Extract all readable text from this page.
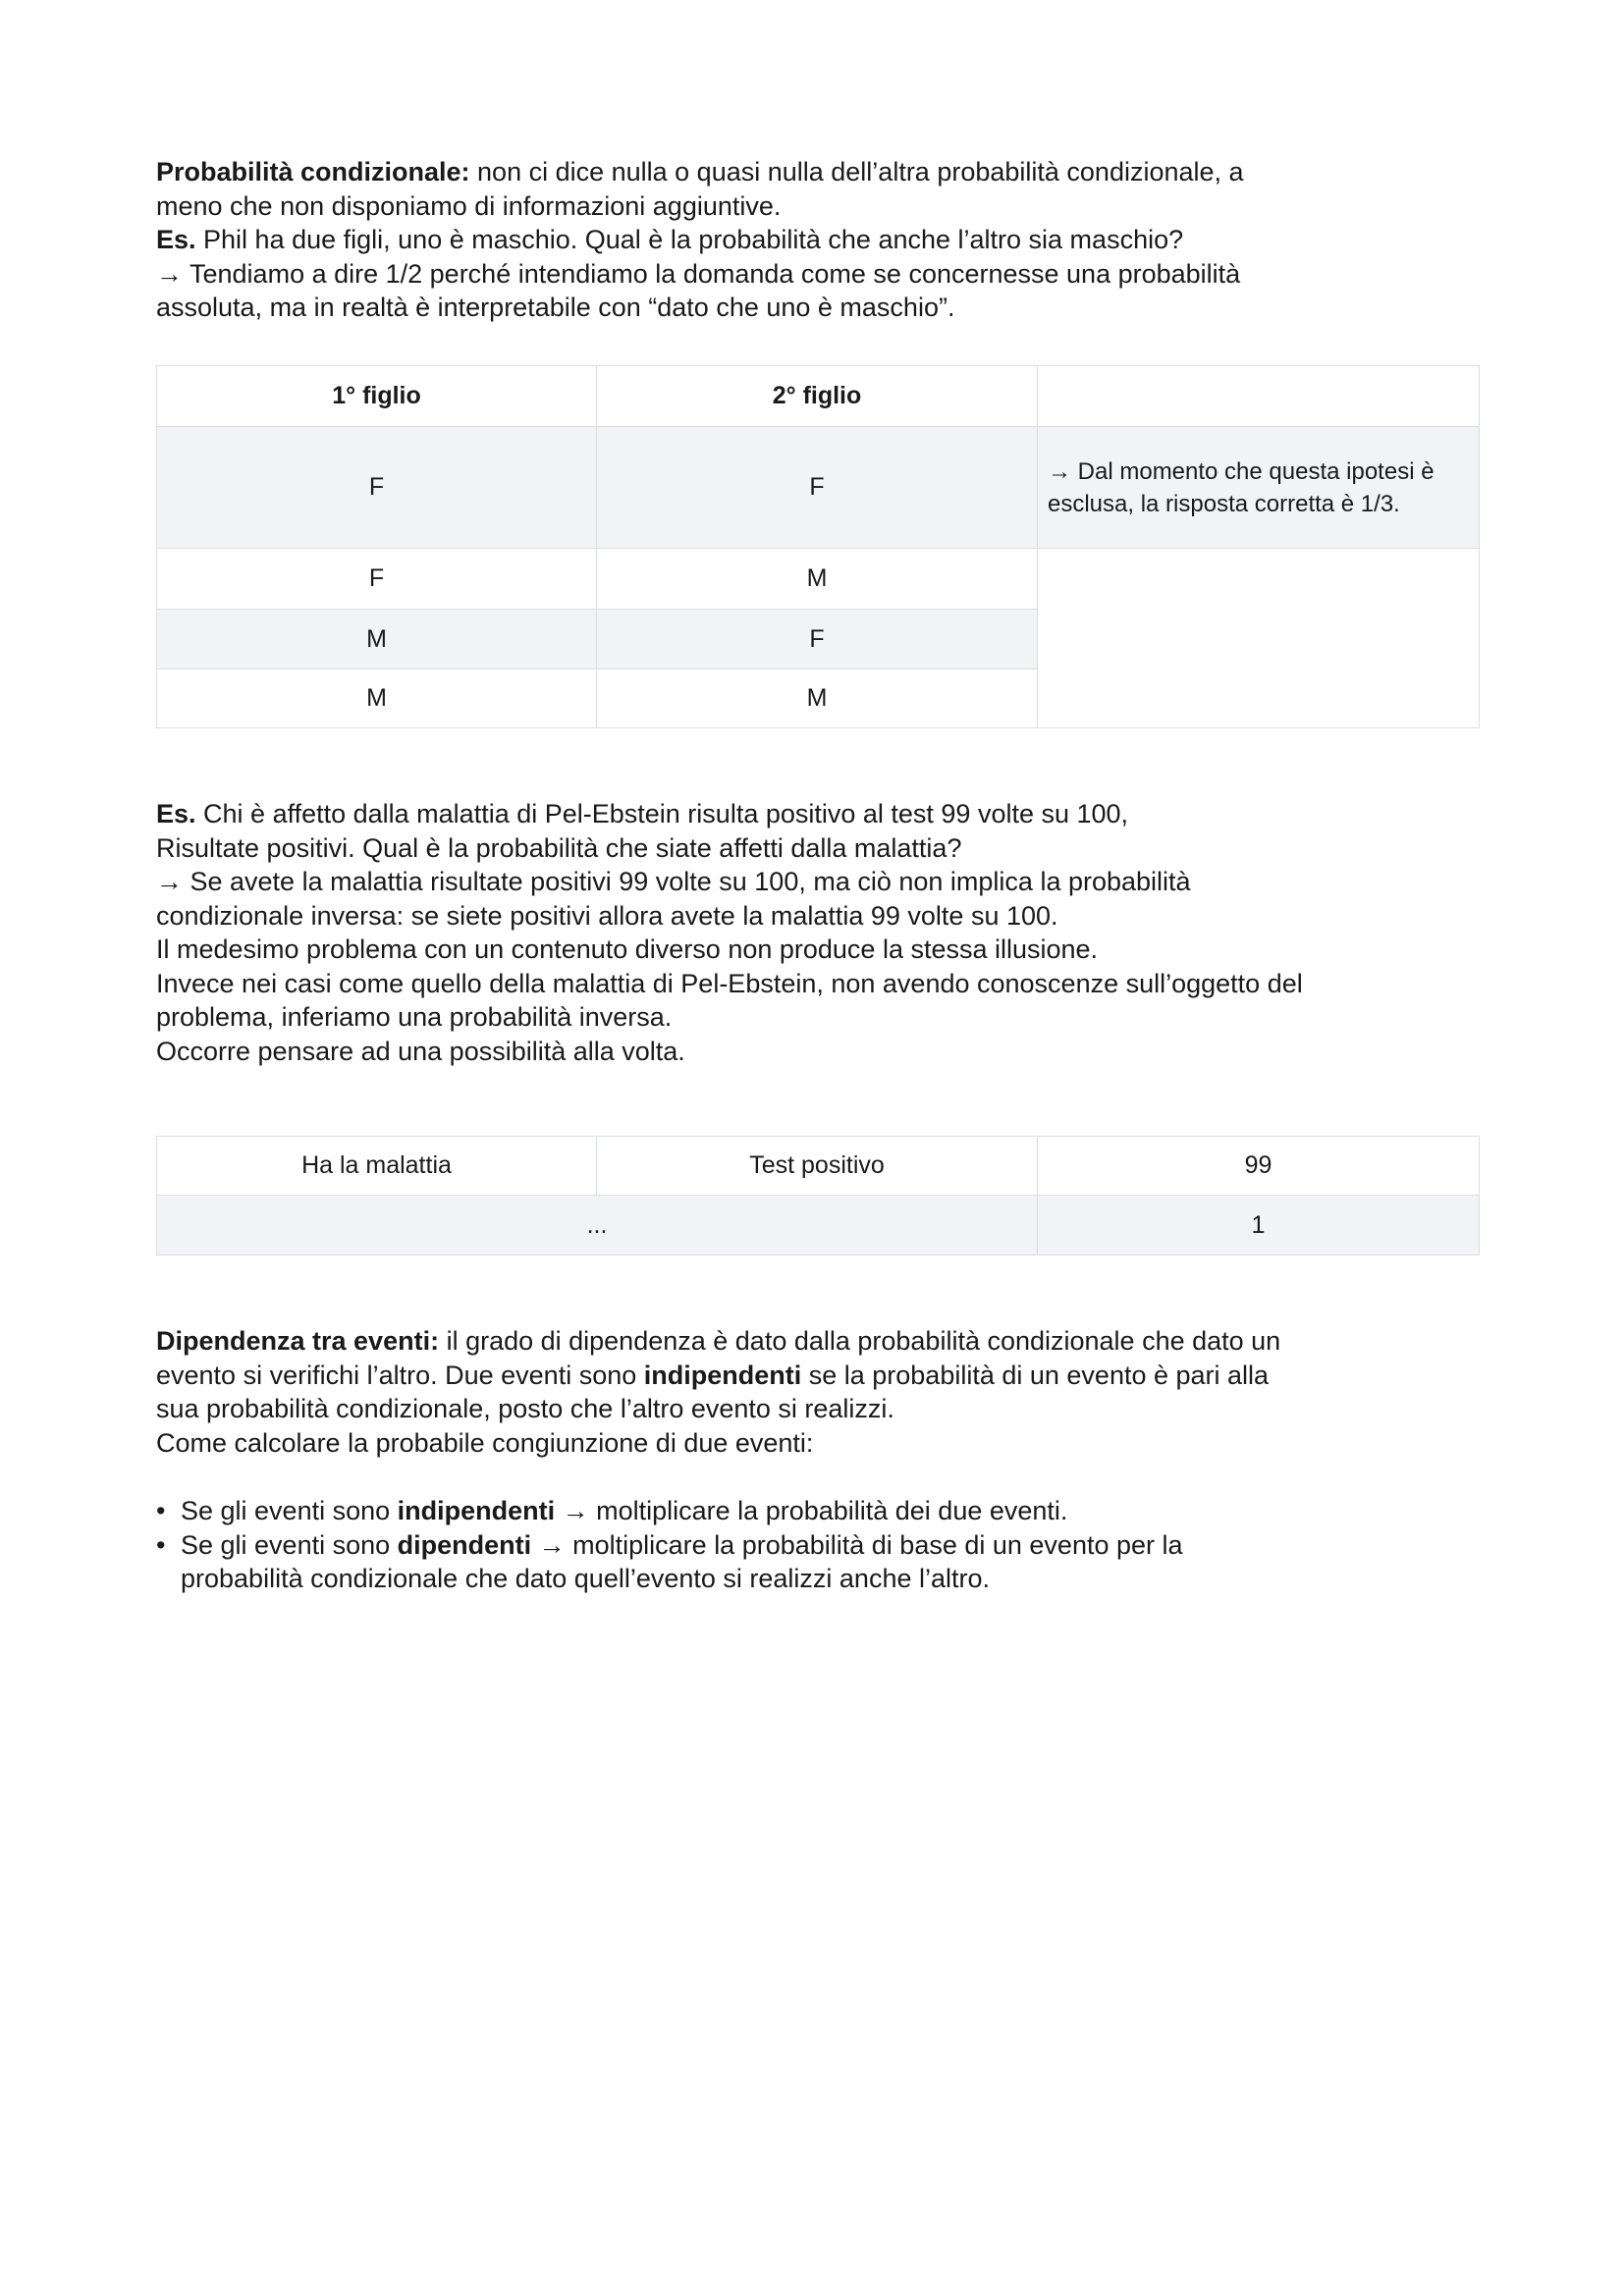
Probabilità condizionale: non ci dice nulla o quasi nulla dell’altra probabilità condizionale, a
meno che non disponiamo di informazioni aggiuntive.
Es. Phil ha due figli, uno è maschio. Qual è la probabilità che anche l’altro sia maschio?
→ Tendiamo a dire 1/2 perché intendiamo la domanda come se concernesse una probabilità
assoluta, ma in realtà è interpretabile con “dato che uno è maschio”.
1° figlio	2° figlio	
F	F	→ Dal momento che questa ipotesi è esclusa, la risposta corretta è 1/3.
F	M	
M	F	
M	M	
Es. Chi è affetto dalla malattia di Pel-Ebstein risulta positivo al test 99 volte su 100,
Risultate positivi. Qual è la probabilità che siate affetti dalla malattia?
→ Se avete la malattia risultate positivi 99 volte su 100, ma ciò non implica la probabilità
condizionale inversa: se siete positivi allora avete la malattia 99 volte su 100.
Il medesimo problema con un contenuto diverso non produce la stessa illusione.
Invece nei casi come quello della malattia di Pel-Ebstein, non avendo conoscenze sull’oggetto del
problema, inferiamo una probabilità inversa.
Occorre pensare ad una possibilità alla volta.
Ha la malattia	Test positivo	99
...		1
Dipendenza tra eventi: il grado di dipendenza è dato dalla probabilità condizionale che dato un
evento si verifichi l’altro. Due eventi sono indipendenti se la probabilità di un evento è pari alla
sua probabilità condizionale, posto che l’altro evento si realizzi.
Come calcolare la probabile congiunzione di due eventi:
• Se gli eventi sono indipendenti → moltiplicare la probabilità dei due eventi.
• Se gli eventi sono dipendenti → moltiplicare la probabilità di base di un evento per la
probabilità condizionale che dato quell’evento si realizzi anche l’altro.
